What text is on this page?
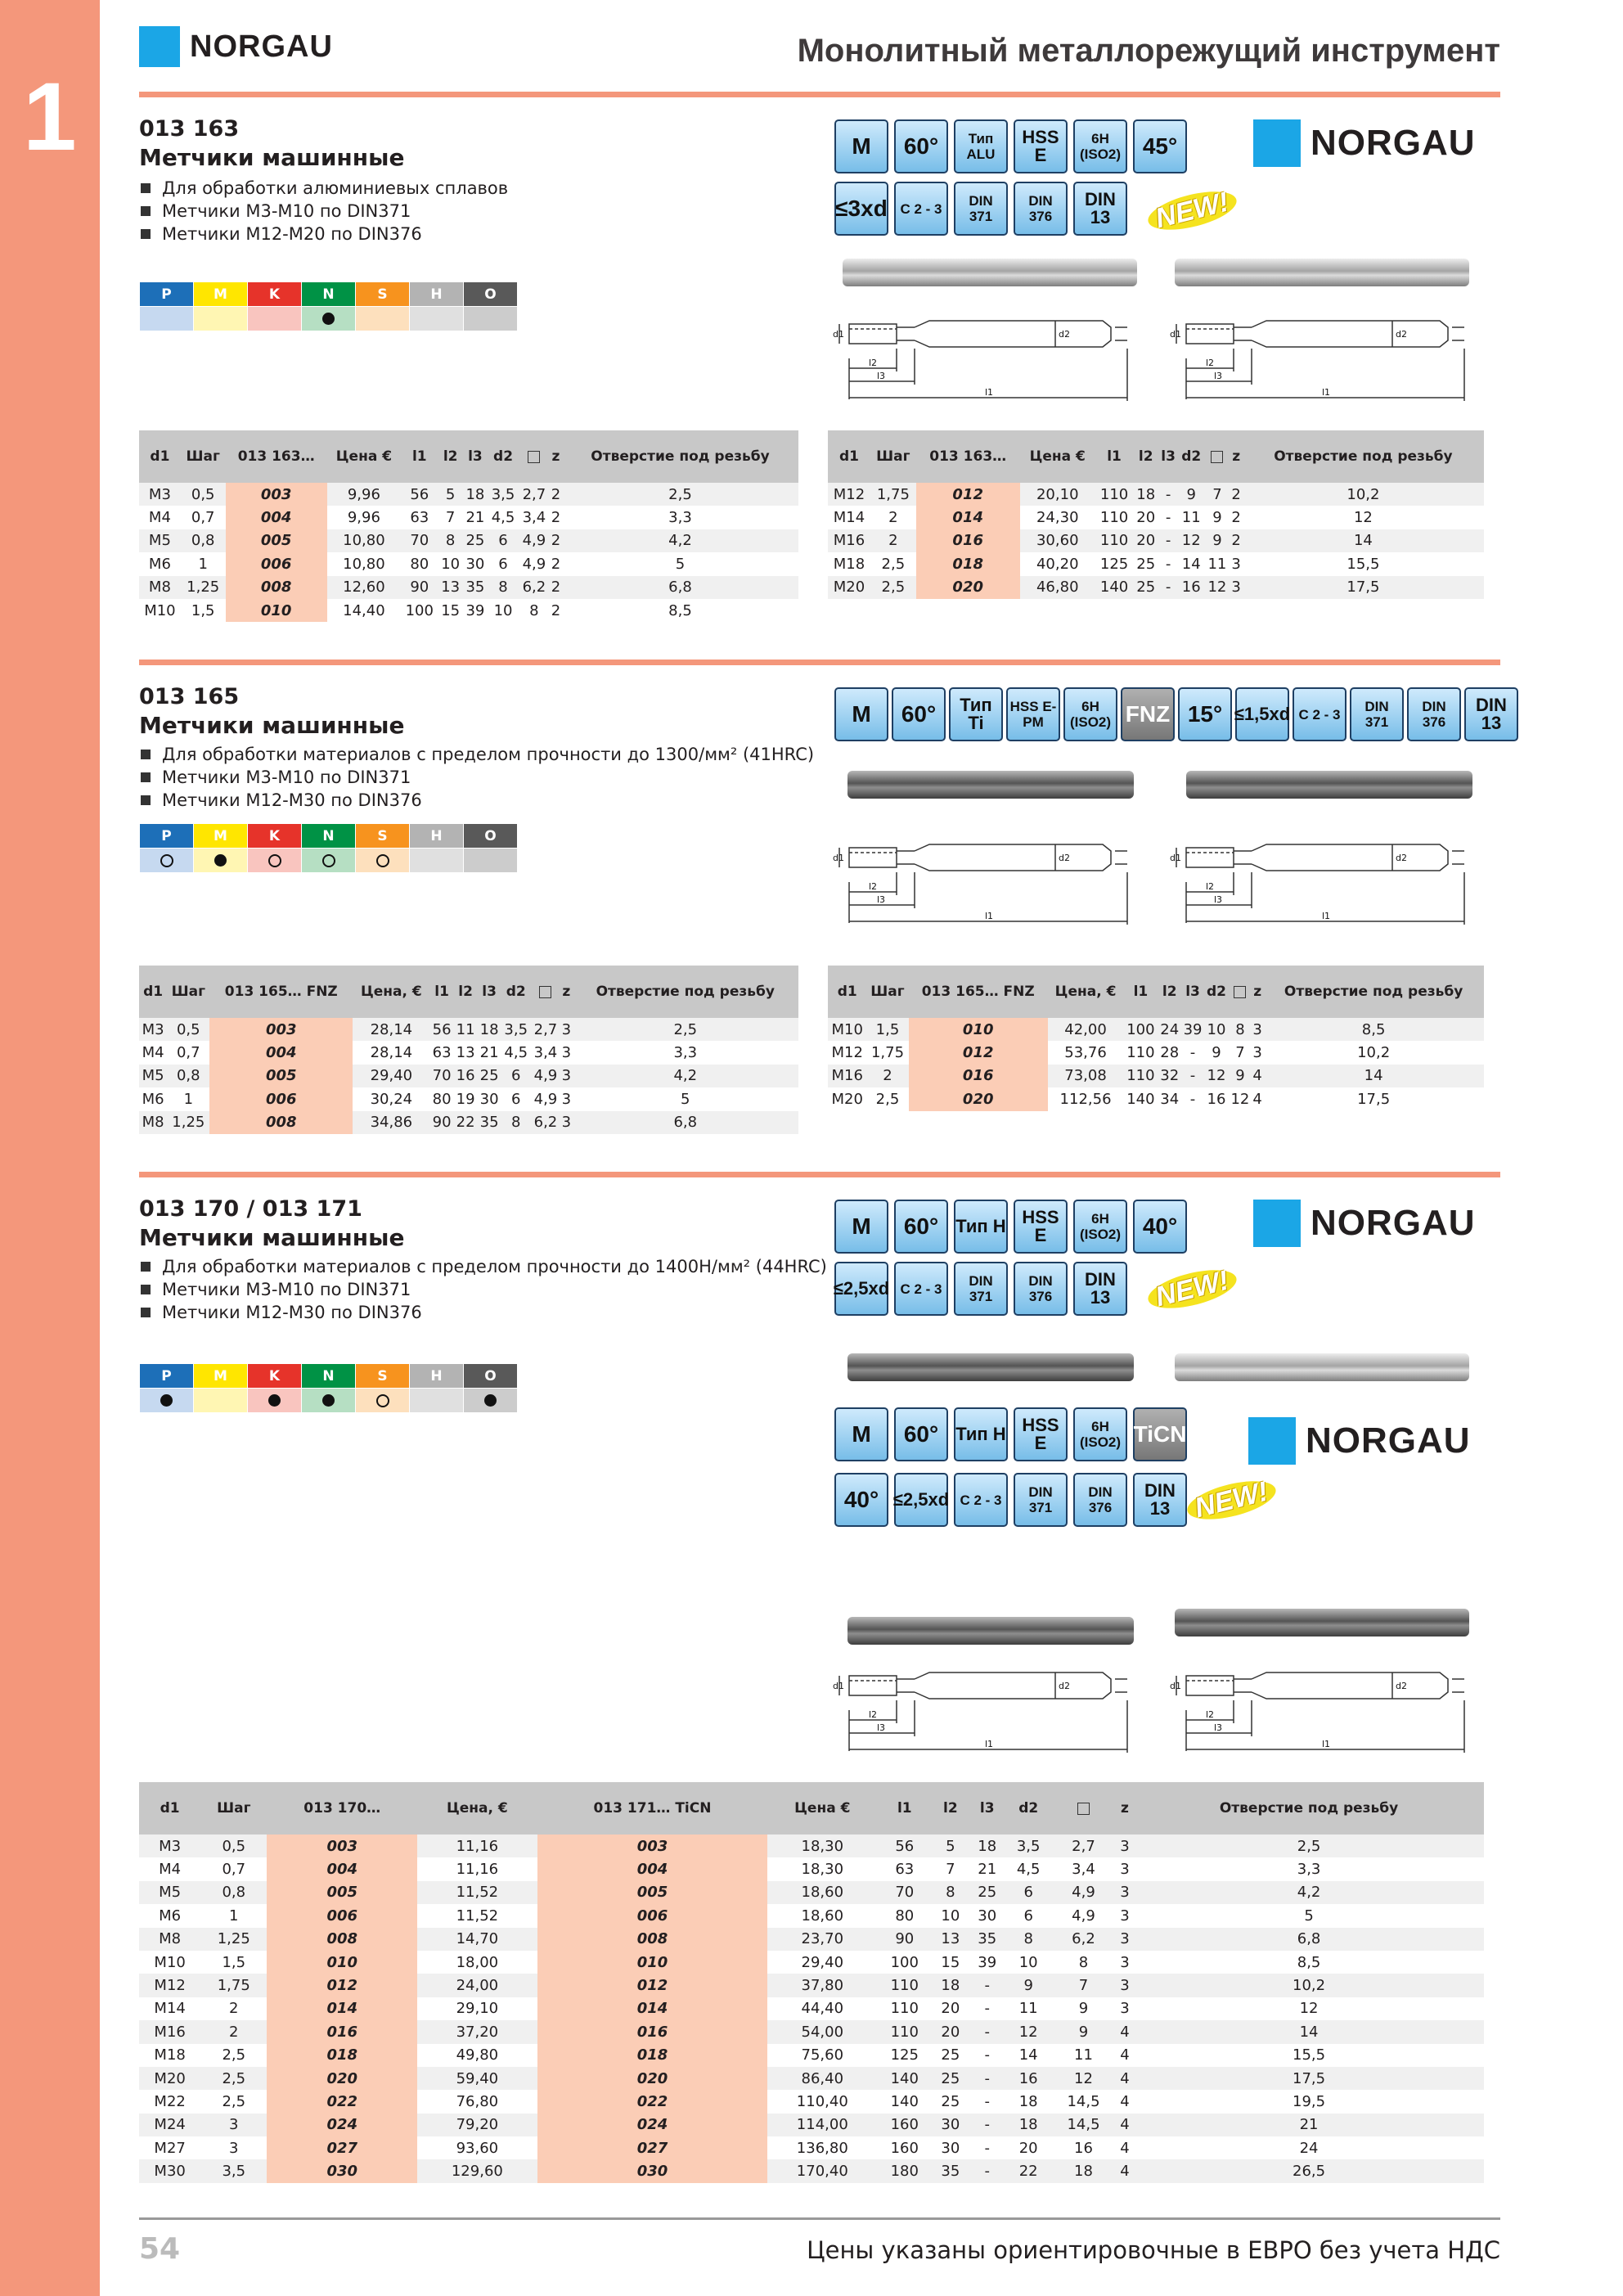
1
NORGAU	Монолитный металлорежущий инструмент
013 163
Метчики машинные
Для обработки алюминиевых сплавов
Метчики М3-М10 по DIN371
Метчики М12-М20 по DIN376
P	M	K	N	S	H	O

M	60°	Тип ALU
HSS E
6H (ISO2) 45°
≤3xd C 2 - 3	DIN 371
DIN 376
DIN 13	NEW!
NORGAU
d1	d2
l2
l3
l1
d1	d2
l2
l3
l1
d1	Шаг	013 163…	Цена €	l1	l2	l3	d2		z	Отверстие под резьбу
M3	0,5	003	9,96	56	5	18	3,5	2,7	2	2,5
M4	0,7	004	9,96	63	7	21	4,5	3,4	2	3,3
M5	0,8	005	10,80	70	8	25	6	4,9	2	4,2
M6	1	006	10,80	80	10	30	6	4,9	2	5
M8	1,25	008	12,60	90	13	35	8	6,2	2	6,8
M10	1,5	010	14,40	100	15	39	10	8	2	8,5
d1	Шаг	013 163…	Цена €	l1	l2	l3	d2		z	Отверстие под резьбу
M12	1,75	012	20,10	110	18	-	9	7	2	10,2
M14	2	014	24,30	110	20	-	11	9	2	12
M16	2	016	30,60	110	20	-	12	9	2	14
M18	2,5	018	40,20	125	25	-	14	11	3	15,5
M20	2,5	020	46,80	140	25	-	16	12	3	17,5
013 165
Метчики машинные
Для обработки материалов с пределом прочности до 1300/мм² (41HRC)
Метчики М3-М10 по DIN371
Метчики М12-М30 по DIN376
P	M	K	N	S	H	O

M	60°	Тип Ti
HSS E-PM
6H (ISO2) FNZ 15° ≤1,5xd C 2 - 3	DIN 371
DIN 376
DIN 13
d1	d2
l2
l3
l1
d1	d2
l2
l3
l1
d1	Шаг	013 165… FNZ	Цена, €	l1	l2	l3	d2		z	Отверстие под резьбу
M3	0,5	003	28,14	56	11	18	3,5	2,7	3	2,5
M4	0,7	004	28,14	63	13	21	4,5	3,4	3	3,3
M5	0,8	005	29,40	70	16	25	6	4,9	3	4,2
M6	1	006	30,24	80	19	30	6	4,9	3	5
M8	1,25	008	34,86	90	22	35	8	6,2	3	6,8
d1	Шаг	013 165… FNZ	Цена, €	l1	l2	l3	d2		z	Отверстие под резьбу
M10	1,5	010	42,00	100	24	39	10	8	3	8,5
M12	1,75	012	53,76	110	28	-	9	7	3	10,2
M16	2	016	73,08	110	32	-	12	9	4	14
M20	2,5	020	112,56	140	34	-	16	12	4	17,5
013 170 / 013 171
Метчики машинные
Для обработки материалов с пределом прочности до 1400Н/мм² (44HRC)
Метчики М3-М10 по DIN371
Метчики М12-М30 по DIN376
P	M	K	N	S	H	O

M	60° Тип H HSS E
6H (ISO2) 40°
≤2,5xd C 2 - 3	DIN 371
DIN 376
DIN 13	NEW!
NORGAU
M	60° Тип H HSS E
6H (ISO2) TiCN
40° ≤2,5xd C 2 - 3	DIN 371
DIN 376
DIN 13 NEW!
NORGAU
d1	d2
l2
l3
l1
d1	d2
l2
l3
l1
d1	Шаг	013 170…	Цена, €	013 171… TiCN	Цена €	l1	l2	l3	d2		z	Отверстие под резьбу
M3	0,5	003	11,16	003	18,30	56	5	18	3,5	2,7	3	2,5
M4	0,7	004	11,16	004	18,30	63	7	21	4,5	3,4	3	3,3
M5	0,8	005	11,52	005	18,60	70	8	25	6	4,9	3	4,2
M6	1	006	11,52	006	18,60	80	10	30	6	4,9	3	5
M8	1,25	008	14,70	008	23,70	90	13	35	8	6,2	3	6,8
M10	1,5	010	18,00	010	29,40	100	15	39	10	8	3	8,5
M12	1,75	012	24,00	012	37,80	110	18	-	9	7	3	10,2
M14	2	014	29,10	014	44,40	110	20	-	11	9	3	12
M16	2	016	37,20	016	54,00	110	20	-	12	9	4	14
M18	2,5	018	49,80	018	75,60	125	25	-	14	11	4	15,5
M20	2,5	020	59,40	020	86,40	140	25	-	16	12	4	17,5
M22	2,5	022	76,80	022	110,40	140	25	-	18	14,5	4	19,5
M24	3	024	79,20	024	114,00	160	30	-	18	14,5	4	21
M27	3	027	93,60	027	136,80	160	30	-	20	16	4	24
M30	3,5	030	129,60	030	170,40	180	35	-	22	18	4	26,5
54	Цены указаны ориентировочные в ЕВРО без учета НДС
